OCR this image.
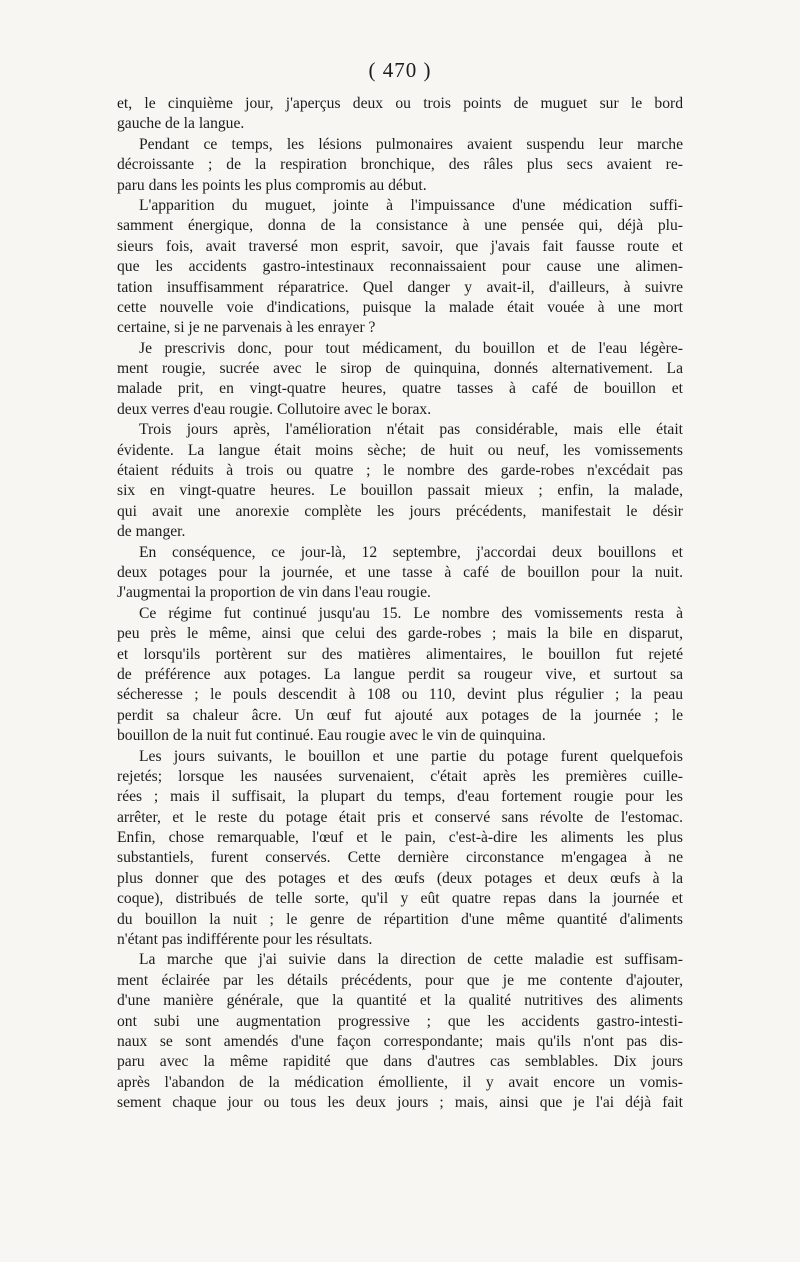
( 470 )
et, le cinquième jour, j'aperçus deux ou trois points de muguet sur le bord
gauche de la langue.
Pendant ce temps, les lésions pulmonaires avaient suspendu leur marche
décroissante ; de la respiration bronchique, des râles plus secs avaient re-
paru dans les points les plus compromis au début.
L'apparition du muguet, jointe à l'impuissance d'une médication suffi-
samment énergique, donna de la consistance à une pensée qui, déjà plu-
sieurs fois, avait traversé mon esprit, savoir, que j'avais fait fausse route et
que les accidents gastro-intestinaux reconnaissaient pour cause une alimen-
tation insuffisamment réparatrice. Quel danger y avait-il, d'ailleurs, à suivre
cette nouvelle voie d'indications, puisque la malade était vouée à une mort
certaine, si je ne parvenais à les enrayer ?
Je prescrivis donc, pour tout médicament, du bouillon et de l'eau légère-
ment rougie, sucrée avec le sirop de quinquina, donnés alternativement. La
malade prit, en vingt-quatre heures, quatre tasses à café de bouillon et
deux verres d'eau rougie. Collutoire avec le borax.
Trois jours après, l'amélioration n'était pas considérable, mais elle était
évidente. La langue était moins sèche; de huit ou neuf, les vomissements
étaient réduits à trois ou quatre ; le nombre des garde-robes n'excédait pas
six en vingt-quatre heures. Le bouillon passait mieux ; enfin, la malade,
qui avait une anorexie complète les jours précédents, manifestait le désir
de manger.
En conséquence, ce jour-là, 12 septembre, j'accordai deux bouillons et
deux potages pour la journée, et une tasse à café de bouillon pour la nuit.
J'augmentai la proportion de vin dans l'eau rougie.
Ce régime fut continué jusqu'au 15. Le nombre des vomissements resta à
peu près le même, ainsi que celui des garde-robes ; mais la bile en disparut,
et lorsqu'ils portèrent sur des matières alimentaires, le bouillon fut rejeté
de préférence aux potages. La langue perdit sa rougeur vive, et surtout sa
sécheresse ; le pouls descendit à 108 ou 110, devint plus régulier ; la peau
perdit sa chaleur âcre. Un œuf fut ajouté aux potages de la journée ; le
bouillon de la nuit fut continué. Eau rougie avec le vin de quinquina.
Les jours suivants, le bouillon et une partie du potage furent quelquefois
rejetés; lorsque les nausées survenaient, c'était après les premières cuille-
rées ; mais il suffisait, la plupart du temps, d'eau fortement rougie pour les
arrêter, et le reste du potage était pris et conservé sans révolte de l'estomac.
Enfin, chose remarquable, l'œuf et le pain, c'est-à-dire les aliments les plus
substantiels, furent conservés. Cette dernière circonstance m'engagea à ne
plus donner que des potages et des œufs (deux potages et deux œufs à la
coque), distribués de telle sorte, qu'il y eût quatre repas dans la journée et
du bouillon la nuit ; le genre de répartition d'une même quantité d'aliments
n'étant pas indifférente pour les résultats.
La marche que j'ai suivie dans la direction de cette maladie est suffisam-
ment éclairée par les détails précédents, pour que je me contente d'ajouter,
d'une manière générale, que la quantité et la qualité nutritives des aliments
ont subi une augmentation progressive ; que les accidents gastro-intesti-
naux se sont amendés d'une façon correspondante; mais qu'ils n'ont pas dis-
paru avec la même rapidité que dans d'autres cas semblables. Dix jours
après l'abandon de la médication émolliente, il y avait encore un vomis-
sement chaque jour ou tous les deux jours ; mais, ainsi que je l'ai déjà fait
